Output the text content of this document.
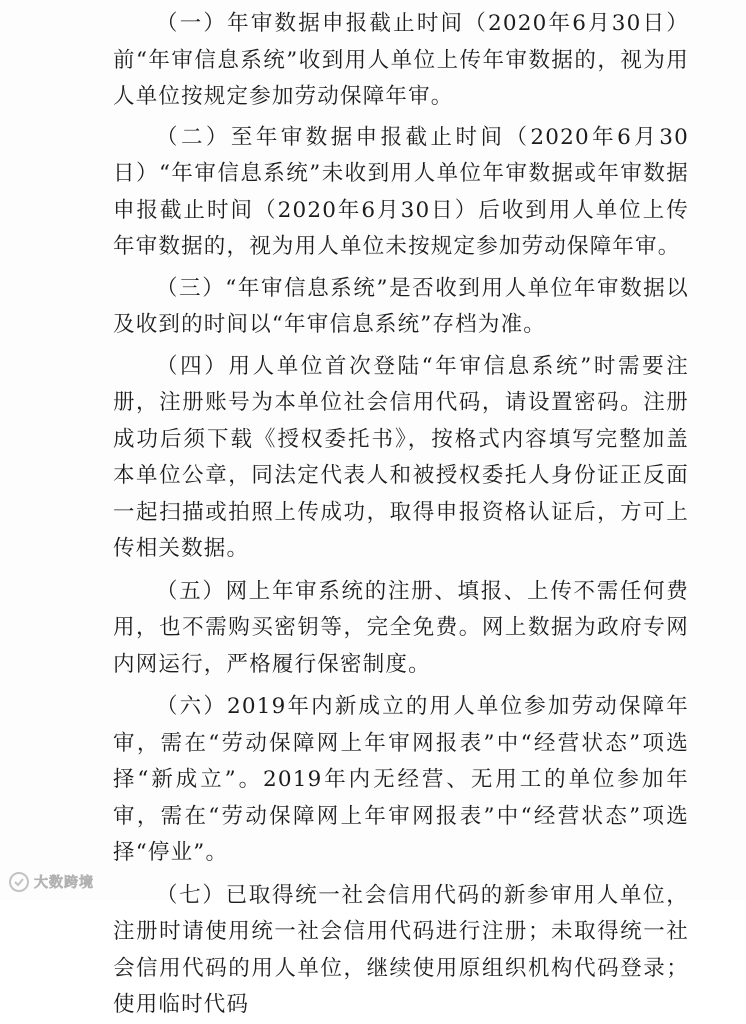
（一）年审数据申报截止时间（2020年6月30日）前“年审信息系统”收到用人单位上传年审数据的，视为用人单位按规定参加劳动保障年审。

（二）至年审数据申报截止时间（2020年6月30日）“年审信息系统”未收到用人单位年审数据或年审数据申报截止时间（2020年6月30日）后收到用人单位上传年审数据的，视为用人单位未按规定参加劳动保障年审。

（三）“年审信息系统”是否收到用人单位年审数据以及收到的时间以“年审信息系统”存档为准。

（四）用人单位首次登陆“年审信息系统”时需要注册，注册账号为本单位社会信用代码，请设置密码。注册成功后须下载《授权委托书》，按格式内容填写完整加盖本单位公章，同法定代表人和被授权委托人身份证正反面一起扫描或拍照上传成功，取得申报资格认证后，方可上传相关数据。

（五）网上年审系统的注册、填报、上传不需任何费用，也不需购买密钥等，完全免费。网上数据为政府专网内网运行，严格履行保密制度。

（六）2019年内新成立的用人单位参加劳动保障年审，需在“劳动保障网上年审网报表”中“经营状态”项选择“新成立”。2019年内无经营、无用工的单位参加年审，需在“劳动保障网上年审网报表”中“经营状态”项选择“停业”。

（七）已取得统一社会信用代码的新参审用人单位，注册时请使用统一社会信用代码进行注册；未取得统一社会信用代码的用人单位，继续使用原组织机构代码登录；使用临时代码

大数跨境
